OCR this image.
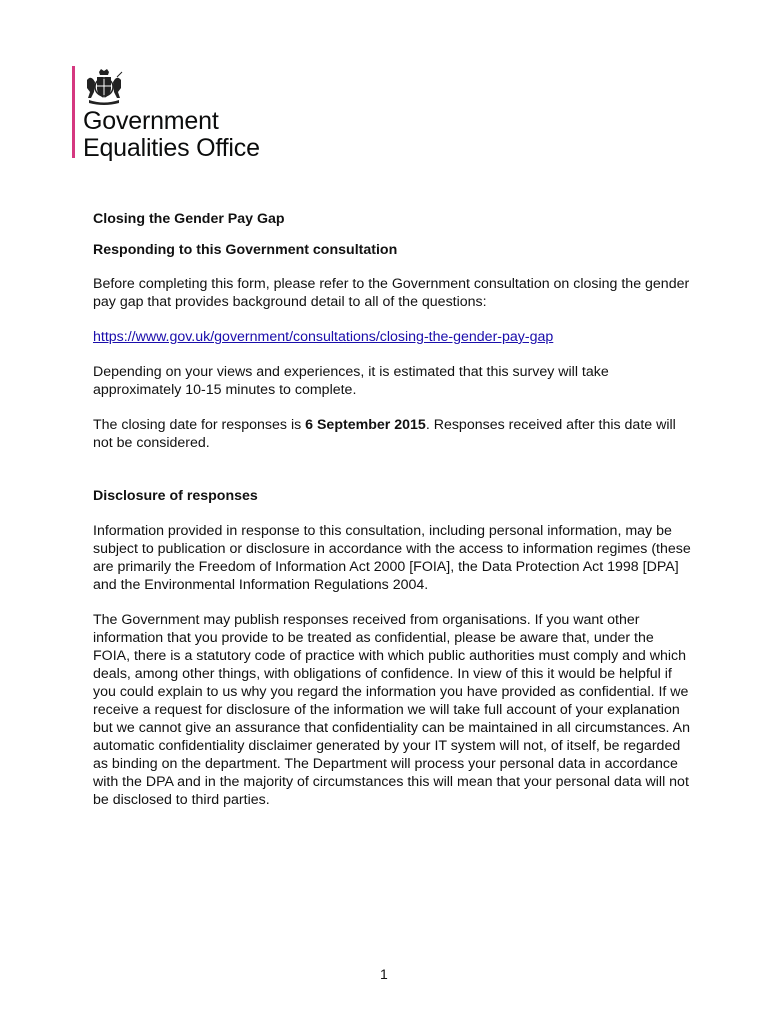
Government
Equalities Office

Closing the Gender Pay Gap

Responding to this Government consultation

Before completing this form, please refer to the Government consultation on closing the gender pay gap that provides background detail to all of the questions:

https://www.gov.uk/government/consultations/closing-the-gender-pay-gap

Depending on your views and experiences, it is estimated that this survey will take approximately 10-15 minutes to complete.

The closing date for responses is 6 September 2015. Responses received after this date will not be considered.

Disclosure of responses

Information provided in response to this consultation, including personal information, may be subject to publication or disclosure in accordance with the access to information regimes (these are primarily the Freedom of Information Act 2000 [FOIA], the Data Protection Act 1998 [DPA] and the Environmental Information Regulations 2004.

The Government may publish responses received from organisations. If you want other information that you provide to be treated as confidential, please be aware that, under the FOIA, there is a statutory code of practice with which public authorities must comply and which deals, among other things, with obligations of confidence. In view of this it would be helpful if you could explain to us why you regard the information you have provided as confidential. If we receive a request for disclosure of the information we will take full account of your explanation but we cannot give an assurance that confidentiality can be maintained in all circumstances. An automatic confidentiality disclaimer generated by your IT system will not, of itself, be regarded as binding on the department. The Department will process your personal data in accordance with the DPA and in the majority of circumstances this will mean that your personal data will not be disclosed to third parties.

1
